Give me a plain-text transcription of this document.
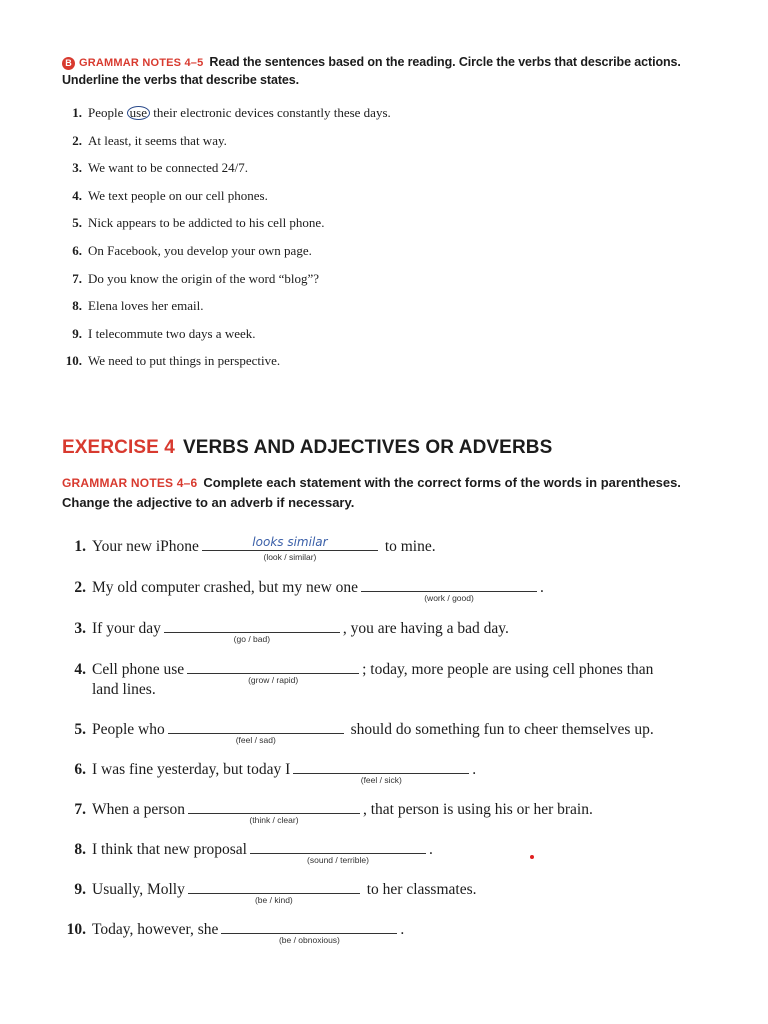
B GRAMMAR NOTES 4–5 Read the sentences based on the reading. Circle the verbs that describe actions. Underline the verbs that describe states.
1. People use their electronic devices constantly these days.
2. At least, it seems that way.
3. We want to be connected 24/7.
4. We text people on our cell phones.
5. Nick appears to be addicted to his cell phone.
6. On Facebook, you develop your own page.
7. Do you know the origin of the word “blog”?
8. Elena loves her email.
9. I telecommute two days a week.
10. We need to put things in perspective.
EXERCISE 4 VERBS AND ADJECTIVES OR ADVERBS
GRAMMAR NOTES 4–6 Complete each statement with the correct forms of the words in parentheses. Change the adjective to an adverb if necessary.
1. Your new iPhone	looks similar
(look / similar)
to mine.
2. My old computer crashed, but my new one
(work / good)
.
3. If your day
(go / bad)
, you are having a bad day.
4. Cell phone use
(grow / rapid)
; today, more people are using cell phones than
land lines.
5. People who
(feel / sad)
should do something fun to cheer themselves up.
6. I was fine yesterday, but today I
(feel / sick)
.
7. When a person
(think / clear)
, that person is using his or her brain.
8. I think that new proposal
(sound / terrible)
.
9. Usually, Molly
(be / kind)
to her classmates.
10. Today, however, she
(be / obnoxious)
.
